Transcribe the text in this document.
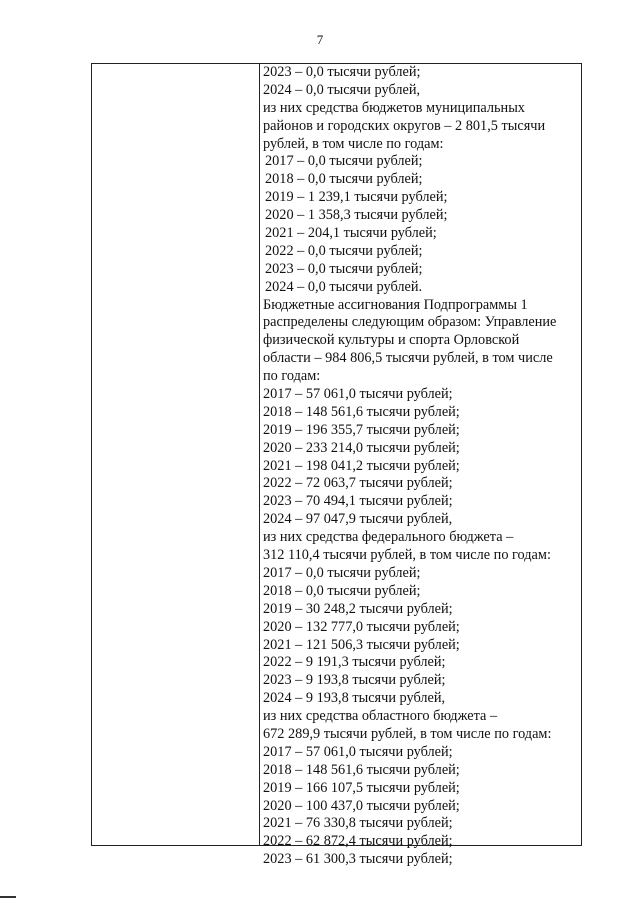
7
2023 – 0,0 тысячи рублей;
2024 – 0,0 тысячи рублей,
из них средства бюджетов муниципальных
районов и городских округов – 2 801,5 тысячи
рублей, в том числе по годам:
2017 – 0,0 тысячи рублей;
2018 – 0,0 тысячи рублей;
2019 – 1 239,1 тысячи рублей;
2020 – 1 358,3 тысячи рублей;
2021 – 204,1 тысячи рублей;
2022 – 0,0 тысячи рублей;
2023 – 0,0 тысячи рублей;
2024 – 0,0 тысячи рублей.
Бюджетные ассигнования Подпрограммы 1
распределены следующим образом: Управление
физической культуры и спорта Орловской
области – 984 806,5 тысячи рублей, в том числе
по годам:
2017 – 57 061,0 тысячи рублей;
2018 – 148 561,6 тысячи рублей;
2019 – 196 355,7 тысячи рублей;
2020 – 233 214,0 тысячи рублей;
2021 – 198 041,2 тысячи рублей;
2022 – 72 063,7 тысячи рублей;
2023 – 70 494,1 тысячи рублей;
2024 – 97 047,9 тысячи рублей,
из них средства федерального бюджета –
312 110,4 тысячи рублей, в том числе по годам:
2017 – 0,0 тысячи рублей;
2018 – 0,0 тысячи рублей;
2019 – 30 248,2 тысячи рублей;
2020 – 132 777,0 тысячи рублей;
2021 – 121 506,3 тысячи рублей;
2022 – 9 191,3 тысячи рублей;
2023 – 9 193,8 тысячи рублей;
2024 – 9 193,8 тысячи рублей,
из них средства областного бюджета –
672 289,9 тысячи рублей, в том числе по годам:
2017 – 57 061,0 тысячи рублей;
2018 – 148 561,6 тысячи рублей;
2019 – 166 107,5 тысячи рублей;
2020 – 100 437,0 тысячи рублей;
2021 – 76 330,8 тысячи рублей;
2022 – 62 872,4 тысячи рублей;
2023 – 61 300,3 тысячи рублей;
